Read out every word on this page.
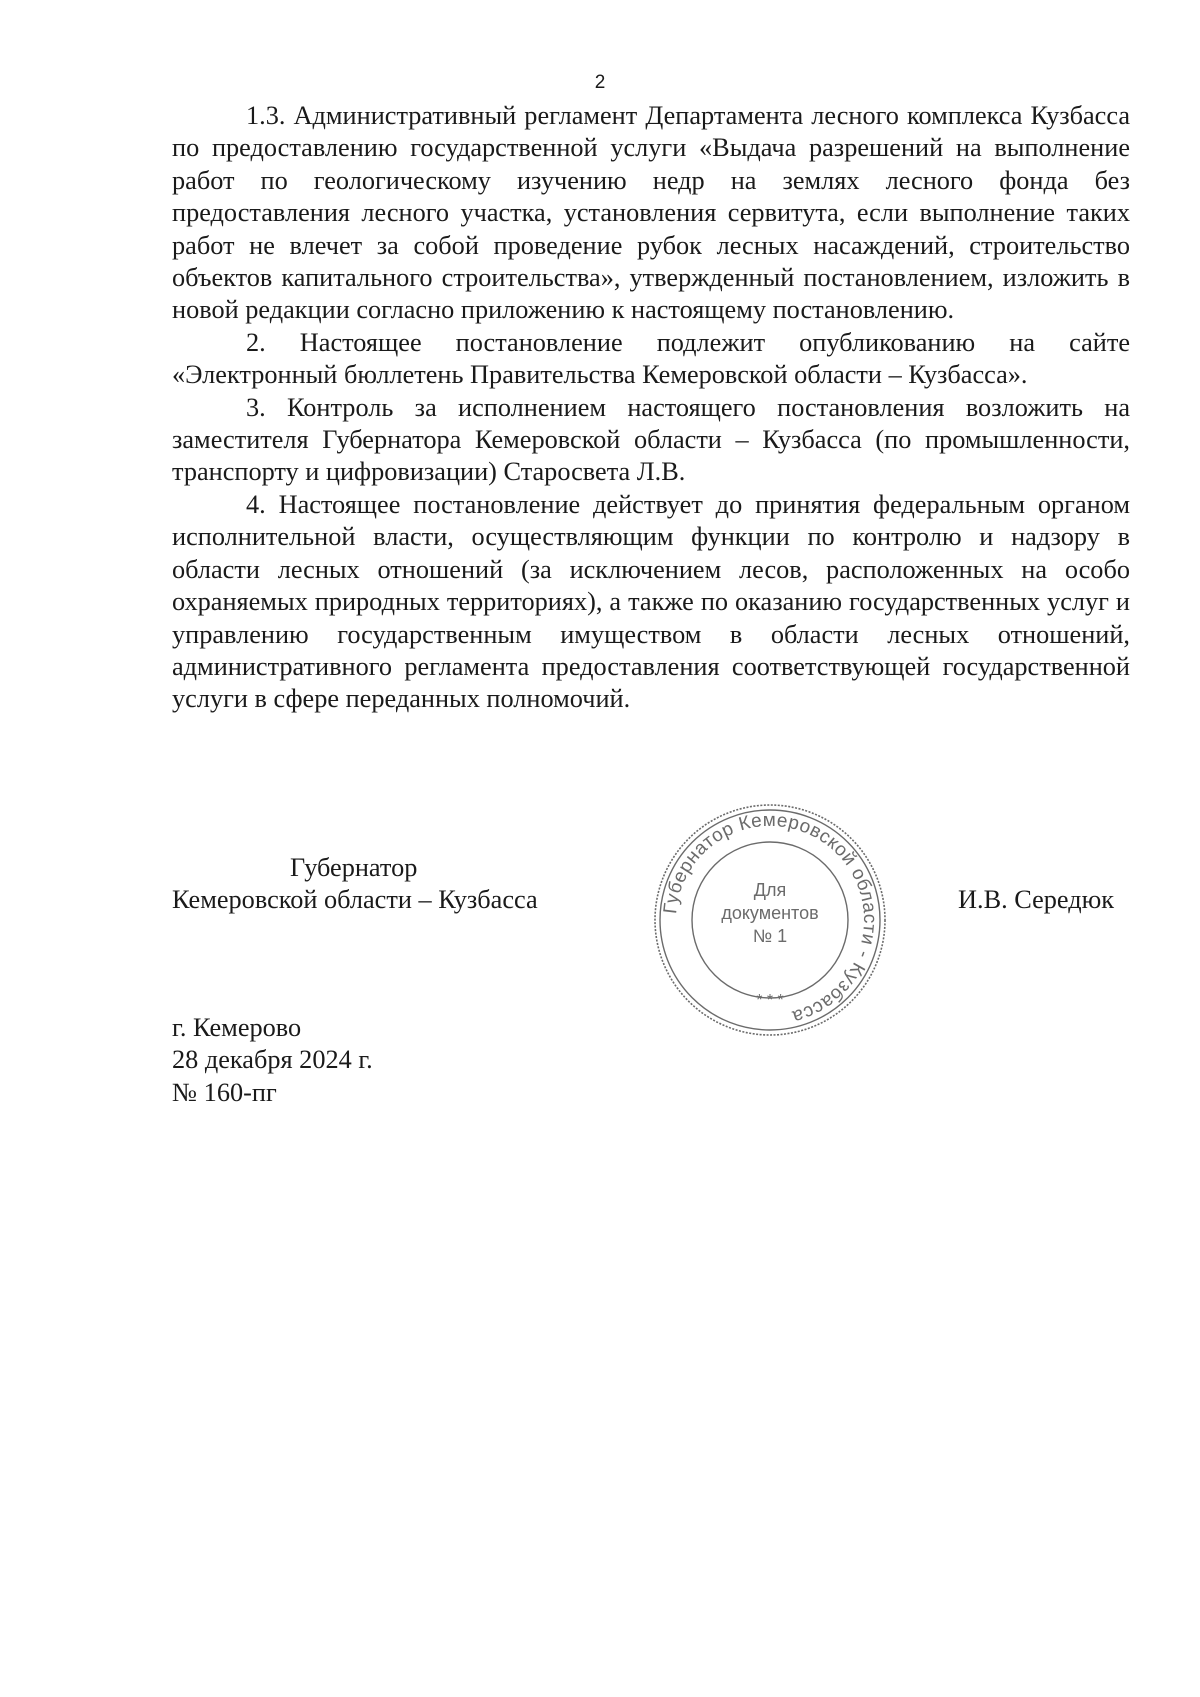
2

1.3. Административный регламент Департамента лесного комплекса Кузбасса по предоставлению государственной услуги «Выдача разрешений на выполнение работ по геологическому изучению недр на землях лесного фонда без предоставления лесного участка, установления сервитута, если выполнение таких работ не влечет за собой проведение рубок лесных насаждений, строительство объектов капитального строительства», утвержденный постановлением, изложить в новой редакции согласно приложению к настоящему постановлению.

2. Настоящее постановление подлежит опубликованию на сайте «Электронный бюллетень Правительства Кемеровской области – Кузбасса».

3. Контроль за исполнением настоящего постановления возложить на заместителя Губернатора Кемеровской области – Кузбасса (по промышленности, транспорту и цифровизации) Старосвета Л.В.

4. Настоящее постановление действует до принятия федеральным органом исполнительной власти, осуществляющим функции по контролю и надзору в области лесных отношений (за исключением лесов, расположенных на особо охраняемых природных территориях), а также по оказанию государственных услуг и управлению государственным имуществом в области лесных отношений, административного регламента предоставления соответствующей государственной услуги в сфере переданных полномочий.

Губернатор
Кемеровской области – Кузбасса	И.В. Середюк
Губернатор Кемеровской области - Кузбасса
Для
документов
№ 1
* * *
г. Кемерово
28 декабря 2024 г.
№ 160-пг
